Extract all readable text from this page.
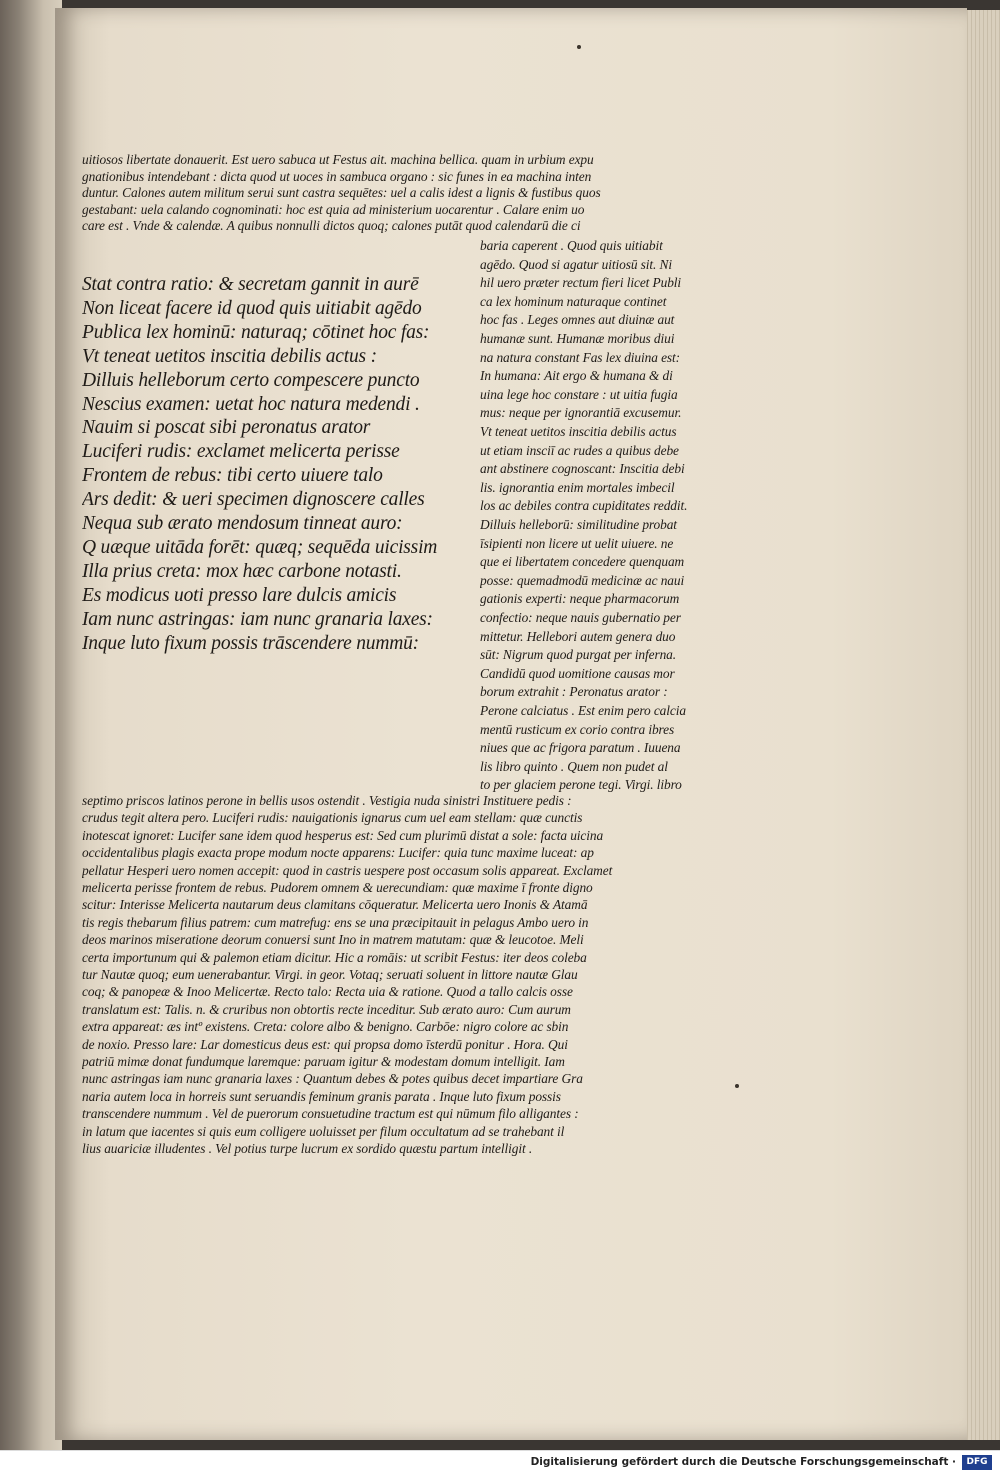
uitiosos libertate donauerit. Est uero sabuca ut Festus ait. machina bellica. quam in urbium expu
gnationibus intendebant : dicta quod ut uoces in sambuca organo : sic funes in ea machina inten
duntur. Calones autem militum serui sunt castra sequētes: uel a calis idest a lignis & fustibus quos
gestabant: uela calando cognominati: hoc est quia ad ministerium uocarentur . Calare enim uo
care est . Vnde & calendæ. A quibus nonnulli dictos quoq; calones putāt quod calendarū die ci
Stat contra ratio: & secretam gannit in aurē
Non liceat facere id quod quis uitiabit agēdo
Publica lex hominū: naturaq; cōtinet hoc fas:
Vt teneat uetitos inscitia debilis actus :
Dilluis helleborum certo compescere puncto
Nescius examen: uetat hoc natura medendi .
Nauim si poscat sibi peronatus arator
Luciferi rudis: exclamet melicerta perisse
Frontem de rebus: tibi certo uiuere talo
Ars dedit: & ueri specimen dignoscere calles
Nequa sub ærato mendosum tinneat auro:
Q uæque uitāda forēt: quæq; sequēda uicissim
Illa prius creta: mox hæc carbone notasti.
Es modicus uoti presso lare dulcis amicis
Iam nunc astringas: iam nunc granaria laxes:
Inque luto fixum possis trāscendere nummū:
baria caperent . Quod quis uitiabit
agēdo. Quod si agatur uitiosū sit. Ni
hil uero præter rectum fieri licet Publi
ca lex hominum naturaque continet
hoc fas . Leges omnes aut diuinæ aut
humanæ sunt. Humanæ moribus diui
na natura constant Fas lex diuina est:
In humana: Ait ergo & humana & di
uina lege hoc constare : ut uitia fugia
mus: neque per ignorantiā excusemur.
Vt teneat uetitos inscitia debilis actus
ut etiam insciī ac rudes a quibus debe
ant abstinere cognoscant: Inscitia debi
lis. ignorantia enim mortales imbecil
los ac debiles contra cupiditates reddit.
Dilluis helleborū: similitudine probat
īsipienti non licere ut uelit uiuere. ne
que ei libertatem concedere quenquam
posse: quemadmodū medicinæ ac naui
gationis experti: neque pharmacorum
confectio: neque nauis gubernatio per
mittetur. Hellebori autem genera duo
sūt: Nigrum quod purgat per inferna.
Candidū quod uomitione causas mor
borum extrahit : Peronatus arator :
Perone calciatus . Est enim pero calcia
mentū rusticum ex corio contra ibres
niues que ac frigora paratum . Iuuena
lis libro quinto . Quem non pudet al
to per glaciem perone tegi. Virgi. libro
septimo priscos latinos perone in bellis usos ostendit . Vestigia nuda sinistri Instituere pedis :
crudus tegit altera pero. Luciferi rudis: nauigationis ignarus cum uel eam stellam: quæ cunctis
inotescat ignoret: Lucifer sane idem quod hesperus est: Sed cum plurimū distat a sole: facta uicina
occidentalibus plagis exacta prope modum nocte apparens: Lucifer: quia tunc maxime luceat: ap
pellatur Hesperi uero nomen accepit: quod in castris uespere post occasum solis appareat. Exclamet
melicerta perisse frontem de rebus. Pudorem omnem & uerecundiam: quæ maxime ī fronte digno
scitur: Interisse Melicerta nautarum deus clamitans cōqueratur. Melicerta uero Inonis & Atamā
tis regis thebarum filius patrem: cum matrefug: ens se una præcipitauit in pelagus Ambo uero in
deos marinos miseratione deorum conuersi sunt Ino in matrem matutam: quæ & leucotoe. Meli
certa importunum qui & palemon etiam dicitur. Hic a romāis: ut scribit Festus: iter deos coleba
tur Nautæ quoq; eum uenerabantur. Virgi. in geor. Votaq; seruati soluent in littore nautæ Glau
coq; & panopeæ & Inoo Melicertæ. Recto talo: Recta uia & ratione. Quod a tallo calcis osse
translatum est: Talis. n. & cruribus non obtortis recte inceditur. Sub ærato auro: Cum aurum
extra appareat: æs intº existens. Creta: colore albo & benigno. Carbōe: nigro colore ac sbin
de noxio. Presso lare: Lar domesticus deus est: qui propsa domo īsterdū ponitur . Hora. Qui
patriū mimæ donat fundumque laremque: paruam igitur & modestam domum intelligit. Iam
nunc astringas iam nunc granaria laxes : Quantum debes & potes quibus decet impartiare Gra
naria autem loca in horreis sunt seruandis feminum granis parata . Inque luto fixum possis
transcendere nummum . Vel de puerorum consuetudine tractum est qui nūmum filo alligantes :
in latum que iacentes si quis eum colligere uoluisset per filum occultatum ad se trahebant il
lius auariciæ illudentes . Vel potius turpe lucrum ex sordido quæstu partum intelligit .
Digitalisierung gefördert durch die Deutsche Forschungsgemeinschaft ·	DFG
